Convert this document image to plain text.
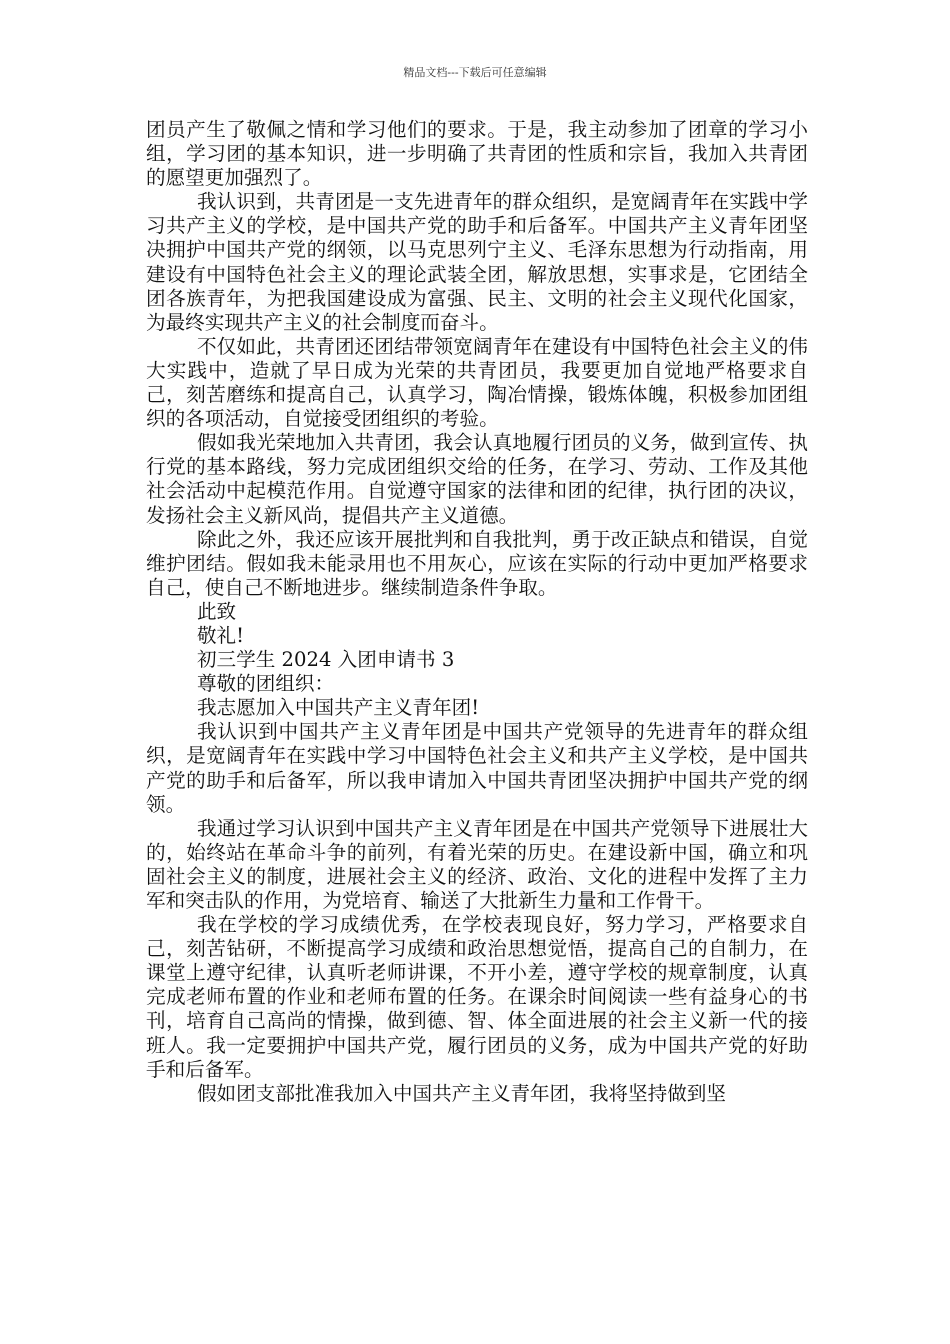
精品文档---下载后可任意编辑

团员产生了敬佩之情和学习他们的要求。于是，我主动参加了团章的学习小组，学习团的基本知识，进一步明确了共青团的性质和宗旨，我加入共青团的愿望更加强烈了。

我认识到，共青团是一支先进青年的群众组织，是宽阔青年在实践中学习共产主义的学校，是中国共产党的助手和后备军。中国共产主义青年团坚决拥护中国共产党的纲领，以马克思列宁主义、毛泽东思想为行动指南，用建设有中国特色社会主义的理论武装全团，解放思想，实事求是，它团结全团各族青年，为把我国建设成为富强、民主、文明的社会主义现代化国家，为最终实现共产主义的社会制度而奋斗。

不仅如此，共青团还团结带领宽阔青年在建设有中国特色社会主义的伟大实践中，造就了早日成为光荣的共青团员，我要更加自觉地严格要求自己，刻苦磨练和提高自己，认真学习，陶冶情操，锻炼体魄，积极参加团组织的各项活动，自觉接受团组织的考验。

假如我光荣地加入共青团，我会认真地履行团员的义务，做到宣传、执行党的基本路线，努力完成团组织交给的任务，在学习、劳动、工作及其他社会活动中起模范作用。自觉遵守国家的法律和团的纪律，执行团的决议，发扬社会主义新风尚，提倡共产主义道德。

除此之外，我还应该开展批判和自我批判，勇于改正缺点和错误，自觉维护团结。假如我未能录用也不用灰心，应该在实际的行动中更加严格要求自己，使自己不断地进步。继续制造条件争取。

此致

敬礼!

初三学生 2024 入团申请书 3

尊敬的团组织：

我志愿加入中国共产主义青年团!

我认识到中国共产主义青年团是中国共产党领导的先进青年的群众组织，是宽阔青年在实践中学习中国特色社会主义和共产主义学校，是中国共产党的助手和后备军，所以我申请加入中国共青团坚决拥护中国共产党的纲领。

我通过学习认识到中国共产主义青年团是在中国共产党领导下进展壮大的，始终站在革命斗争的前列，有着光荣的历史。在建设新中国，确立和巩固社会主义的制度，进展社会主义的经济、政治、文化的进程中发挥了主力军和突击队的作用，为党培育、输送了大批新生力量和工作骨干。

我在学校的学习成绩优秀，在学校表现良好，努力学习，严格要求自己，刻苦钻研，不断提高学习成绩和政治思想觉悟，提高自己的自制力，在课堂上遵守纪律，认真听老师讲课，不开小差，遵守学校的规章制度，认真完成老师布置的作业和老师布置的任务。在课余时间阅读一些有益身心的书刊，培育自己高尚的情操，做到德、智、体全面进展的社会主义新一代的接班人。我一定要拥护中国共产党，履行团员的义务，成为中国共产党的好助手和后备军。

假如团支部批准我加入中国共产主义青年团，我将坚持做到坚
